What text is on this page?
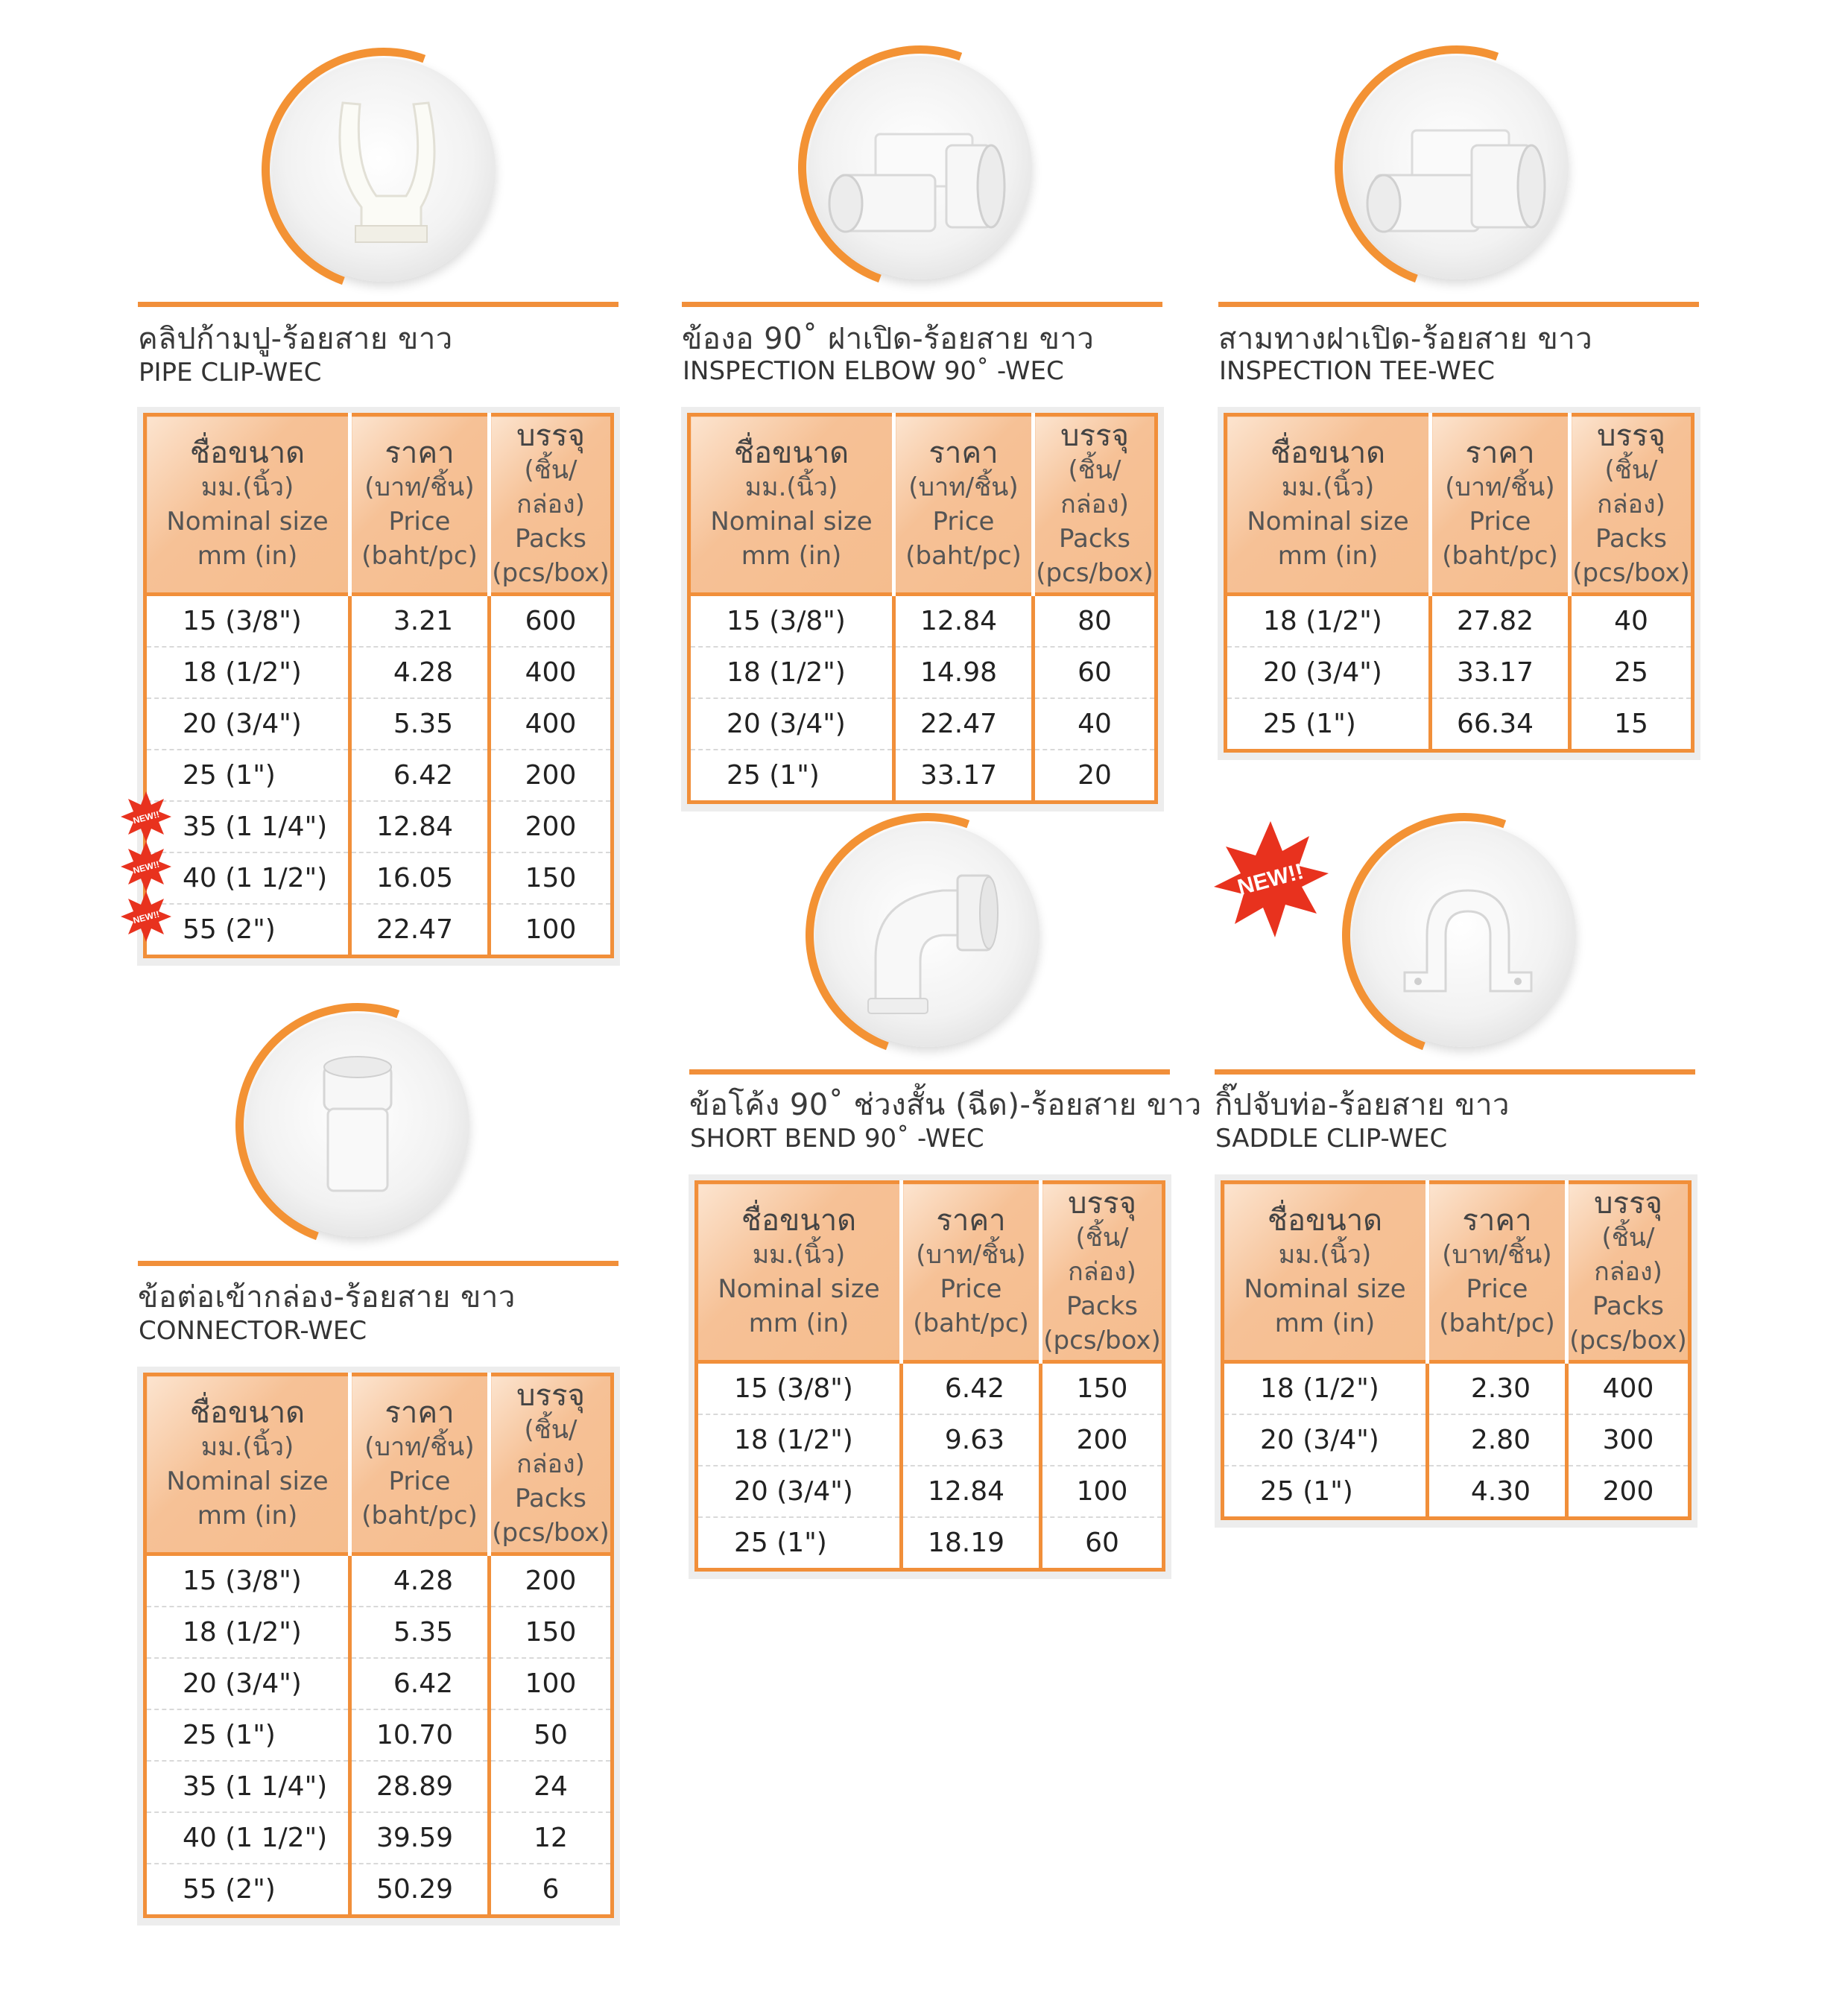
คลิปก้ามปู-ร้อยสาย ขาว
PIPE CLIP-WEC
ชื่อขนาด
มม.(นิ้ว)
Nominal size
mm (in)	ราคา
(บาท/ชิ้น)
Price
(baht/pc)	บรรจุ
(ชิ้น/กล่อง)
Packs
(pcs/box)

15 (3/8")	3.21	600
18 (1/2")	4.28	400
20 (3/4")	5.35	400
25 (1")	6.42	200
35 (1 1/4")	12.84	200
40 (1 1/2")	16.05	150
55 (2")	22.47	100
NEW!!
NEW!!
NEW!!
ข้องอ 90˚ ฝาเปิด-ร้อยสาย ขาว
INSPECTION ELBOW 90˚ -WEC
ชื่อขนาด
มม.(นิ้ว)
Nominal size
mm (in)	ราคา
(บาท/ชิ้น)
Price
(baht/pc)	บรรจุ
(ชิ้น/กล่อง)
Packs
(pcs/box)

15 (3/8")	12.84	80
18 (1/2")	14.98	60
20 (3/4")	22.47	40
25 (1")	33.17	20
สามทางฝาเปิด-ร้อยสาย ขาว
INSPECTION TEE-WEC
ชื่อขนาด
มม.(นิ้ว)
Nominal size
mm (in)	ราคา
(บาท/ชิ้น)
Price
(baht/pc)	บรรจุ
(ชิ้น/กล่อง)
Packs
(pcs/box)

18 (1/2")	27.82	40
20 (3/4")	33.17	25
25 (1")	66.34	15
ข้อโค้ง 90˚ ช่วงสั้น (ฉีด)-ร้อยสาย ขาว
SHORT BEND 90˚ -WEC
ชื่อขนาด
มม.(นิ้ว)
Nominal size
mm (in)	ราคา
(บาท/ชิ้น)
Price
(baht/pc)	บรรจุ
(ชิ้น/กล่อง)
Packs
(pcs/box)

15 (3/8")	6.42	150
18 (1/2")	9.63	200
20 (3/4")	12.84	100
25 (1")	18.19	60
NEW!!
กิ๊ปจับท่อ-ร้อยสาย ขาว
SADDLE CLIP-WEC
ชื่อขนาด
มม.(นิ้ว)
Nominal size
mm (in)	ราคา
(บาท/ชิ้น)
Price
(baht/pc)	บรรจุ
(ชิ้น/กล่อง)
Packs
(pcs/box)

18 (1/2")	2.30	400
20 (3/4")	2.80	300
25 (1")	4.30	200
ข้อต่อเข้ากล่อง-ร้อยสาย ขาว
CONNECTOR-WEC
ชื่อขนาด
มม.(นิ้ว)
Nominal size
mm (in)	ราคา
(บาท/ชิ้น)
Price
(baht/pc)	บรรจุ
(ชิ้น/กล่อง)
Packs
(pcs/box)

15 (3/8")	4.28	200
18 (1/2")	5.35	150
20 (3/4")	6.42	100
25 (1")	10.70	50
35 (1 1/4")	28.89	24
40 (1 1/2")	39.59	12
55 (2")	50.29	6
